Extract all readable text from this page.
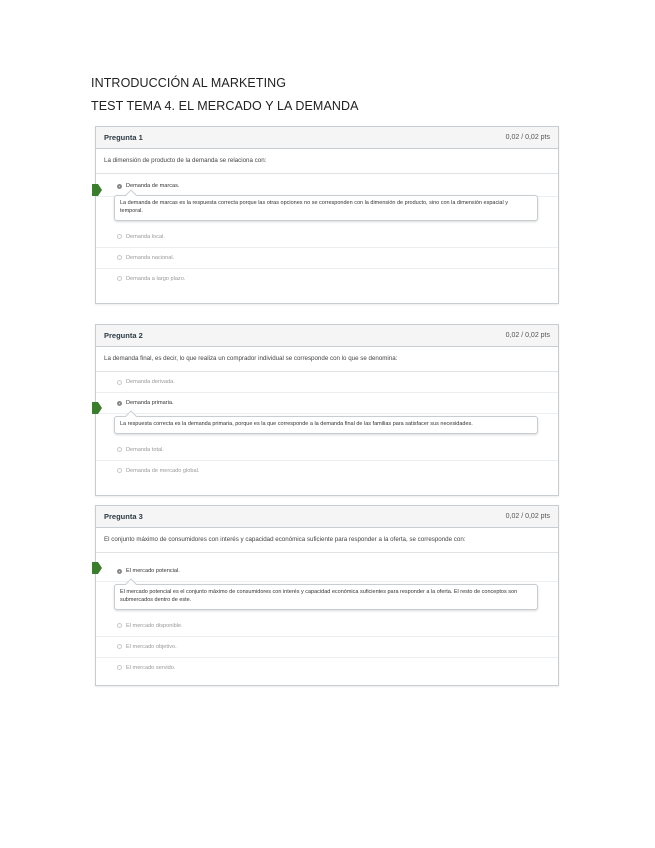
INTRODUCCIÓN AL MARKETING
TEST TEMA 4. EL MERCADO Y LA DEMANDA
Pregunta 1	0,02 / 0,02 pts
La dimensión de producto de la demanda se relaciona con:
Demanda de marcas.
La demanda de marcas es la respuesta correcta porque las otras opciones no se corresponden con la dimensión de producto, sino con la dimensión espacial y temporal.
Demanda local.
Demanda nacional.
Demanda a largo plazo.
Pregunta 2	0,02 / 0,02 pts
La demanda final, es decir, lo que realiza un comprador individual se corresponde con lo que se denomina:
Demanda derivada.
Demanda primaria.
La respuesta correcta es la demanda primaria, porque es la que corresponde a la demanda final de las familias para satisfacer sus necesidades.
Demanda total.
Demanda de mercado global.
Pregunta 3	0,02 / 0,02 pts
El conjunto máximo de consumidores con interés y capacidad económica suficiente para responder a la oferta, se corresponde con:
El mercado potencial.
El mercado potencial es el conjunto máximo de consumidores con interés y capacidad económica suficientes para responder a la oferta. El resto de conceptos son submercados dentro de este.
El mercado disponible.
El mercado objetivo.
El mercado servido.
